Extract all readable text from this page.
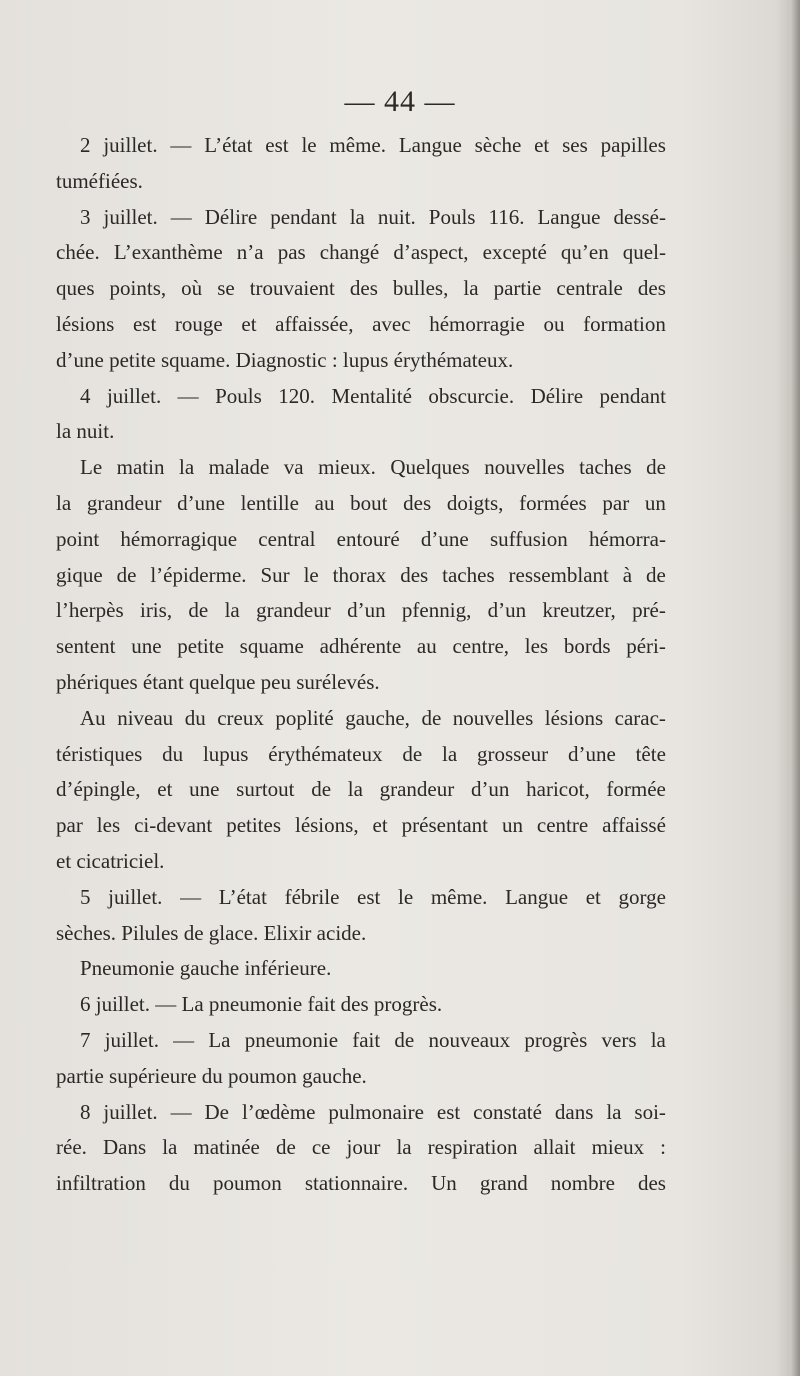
— 44 —
2 juillet. — L’état est le même. Langue sèche et ses papilles
tuméfiées.
3 juillet. — Délire pendant la nuit. Pouls 116. Langue dessé-
chée. L’exanthème n’a pas changé d’aspect, excepté qu’en quel-
ques points, où se trouvaient des bulles, la partie centrale des
lésions est rouge et affaissée, avec hémorragie ou formation
d’une petite squame. Diagnostic : lupus érythémateux.
4 juillet. — Pouls 120. Mentalité obscurcie. Délire pendant
la nuit.
Le matin la malade va mieux. Quelques nouvelles taches de
la grandeur d’une lentille au bout des doigts, formées par un
point hémorragique central entouré d’une suffusion hémorra-
gique de l’épiderme. Sur le thorax des taches ressemblant à de
l’herpès iris, de la grandeur d’un pfennig, d’un kreutzer, pré-
sentent une petite squame adhérente au centre, les bords péri-
phériques étant quelque peu surélevés.
Au niveau du creux poplité gauche, de nouvelles lésions carac-
téristiques du lupus érythémateux de la grosseur d’une tête
d’épingle, et une surtout de la grandeur d’un haricot, formée
par les ci-devant petites lésions, et présentant un centre affaissé
et cicatriciel.
5 juillet. — L’état fébrile est le même. Langue et gorge
sèches. Pilules de glace. Elixir acide.
Pneumonie gauche inférieure.
6 juillet. — La pneumonie fait des progrès.
7 juillet. — La pneumonie fait de nouveaux progrès vers la
partie supérieure du poumon gauche.
8 juillet. — De l’œdème pulmonaire est constaté dans la soi-
rée. Dans la matinée de ce jour la respiration allait mieux :
infiltration du poumon stationnaire. Un grand nombre des
